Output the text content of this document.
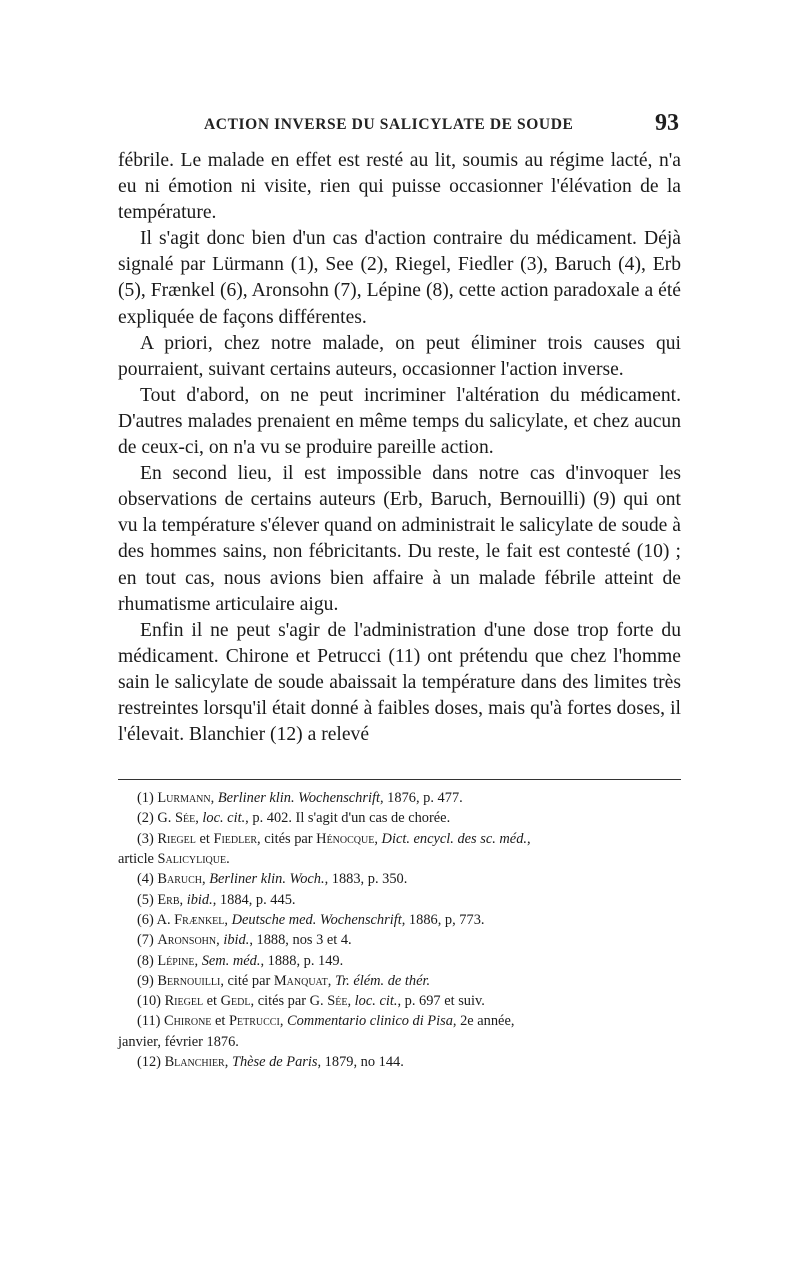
ACTION INVERSE DU SALICYLATE DE SOUDE	93

fébrile. Le malade en effet est resté au lit, soumis au régime lacté, n'a eu ni émotion ni visite, rien qui puisse occasionner l'élévation de la température.

Il s'agit donc bien d'un cas d'action contraire du médicament. Déjà signalé par Lürmann (1), See (2), Riegel, Fiedler (3), Baruch (4), Erb (5), Frænkel (6), Aronsohn (7), Lépine (8), cette action paradoxale a été expliquée de façons différentes.

A priori, chez notre malade, on peut éliminer trois causes qui pourraient, suivant certains auteurs, occasionner l'action inverse.

Tout d'abord, on ne peut incriminer l'altération du médicament. D'autres malades prenaient en même temps du salicylate, et chez aucun de ceux-ci, on n'a vu se produire pareille action.

En second lieu, il est impossible dans notre cas d'invoquer les observations de certains auteurs (Erb, Baruch, Bernouilli) (9) qui ont vu la température s'élever quand on administrait le salicylate de soude à des hommes sains, non fébricitants. Du reste, le fait est contesté (10) ; en tout cas, nous avions bien affaire à un malade fébrile atteint de rhumatisme articulaire aigu.

Enfin il ne peut s'agir de l'administration d'une dose trop forte du médicament. Chirone et Petrucci (11) ont prétendu que chez l'homme sain le salicylate de soude abaissait la température dans des limites très restreintes lorsqu'il était donné à faibles doses, mais qu'à fortes doses, il l'élevait. Blanchier (12) a relevé

(1) Lurmann, Berliner klin. Wochenschrift, 1876, p. 477.

(2) G. Sée, loc. cit., p. 402. Il s'agit d'un cas de chorée.

(3) Riegel et Fiedler, cités par Hénocque, Dict. encycl. des sc. méd.,

article Salicylique.

(4) Baruch, Berliner klin. Woch., 1883, p. 350.

(5) Erb, ibid., 1884, p. 445.

(6) A. Frænkel, Deutsche med. Wochenschrift, 1886, p, 773.

(7) Aronsohn, ibid., 1888, nos 3 et 4.

(8) Lépine, Sem. méd., 1888, p. 149.

(9) Bernouilli, cité par Manquat, Tr. élém. de thér.

(10) Riegel et Gedl, cités par G. Sée, loc. cit., p. 697 et suiv.

(11) Chirone et Petrucci, Commentario clinico di Pisa, 2e année,

janvier, février 1876.

(12) Blanchier, Thèse de Paris, 1879, no 144.
